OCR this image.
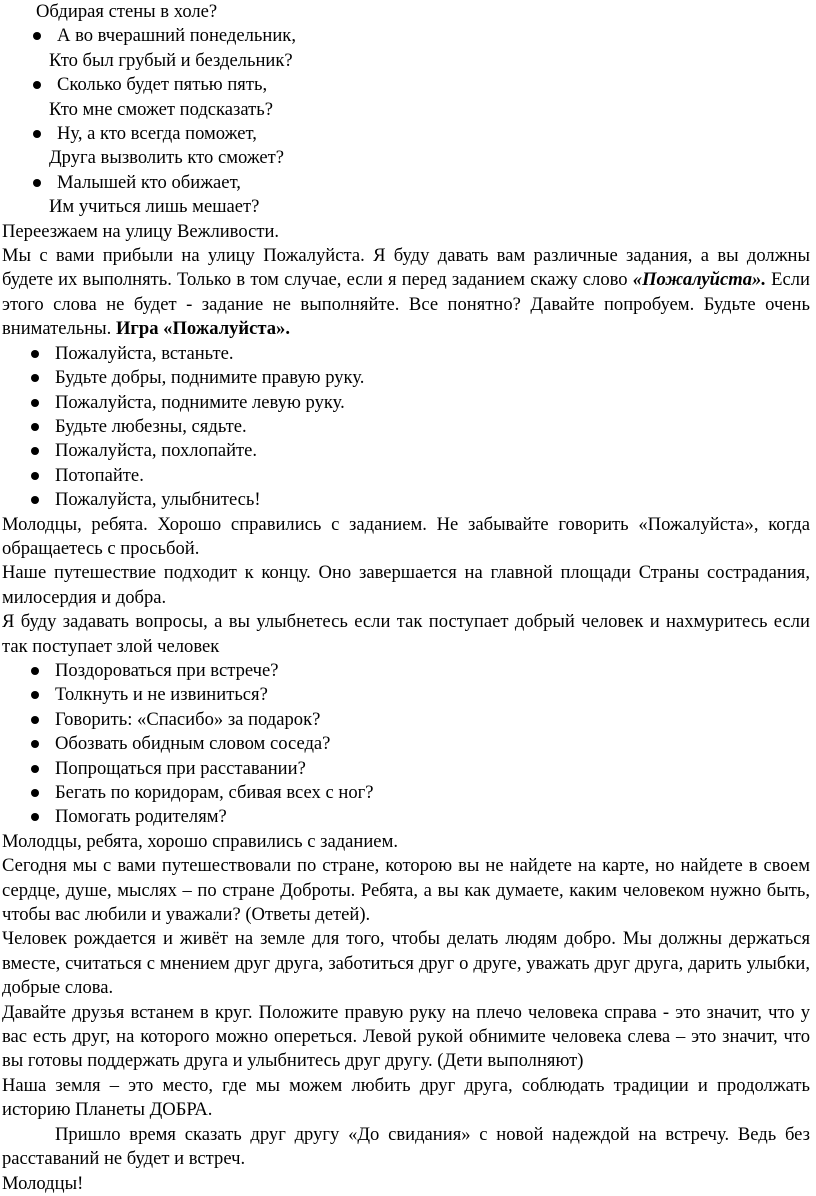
Обдирая стены в холе?

А во вчерашний понедельник,

Кто был грубый и бездельник?

Сколько будет пятью пять,

Кто мне сможет подсказать?

Ну, а кто всегда поможет,

Друга вызволить кто сможет?

Малышей кто обижает,

Им учиться лишь мешает?

Переезжаем на улицу Вежливости.

Мы с вами прибыли на улицу Пожалуйста. Я буду давать вам различные задания, а вы должны будете их выполнять. Только в том случае, если я перед заданием скажу слово «Пожалуйста». Если этого слова не будет - задание не выполняйте. Все понятно? Давайте попробуем. Будьте очень внимательны. Игра «Пожалуйста».

Пожалуйста, встаньте.
Будьте добры, поднимите правую руку.
Пожалуйста, поднимите левую руку.
Будьте любезны, сядьте.
Пожалуйста, похлопайте.
Потопайте.
Пожалуйста, улыбнитесь!

Молодцы, ребята. Хорошо справились с заданием. Не забывайте говорить «Пожалуйста», когда обращаетесь с просьбой.

Наше путешествие подходит к концу. Оно завершается на главной площади Страны сострадания, милосердия и добра.

Я буду задавать вопросы, а вы улыбнетесь если так поступает добрый человек и нахмуритесь если так поступает злой человек

Поздороваться при встрече?
Толкнуть и не извиниться?
Говорить: «Спасибо» за подарок?
Обозвать обидным словом соседа?
Попрощаться при расставании?
Бегать по коридорам, сбивая всех с ног?
Помогать родителям?

Молодцы, ребята, хорошо справились с заданием.

Сегодня мы с вами путешествовали по стране, которою вы не найдете на карте, но найдете в своем сердце, душе, мыслях – по стране Доброты. Ребята, а вы как думаете, каким человеком нужно быть, чтобы вас любили и уважали? (Ответы детей).

Человек рождается и живёт на земле для того, чтобы делать людям добро. Мы должны держаться вместе, считаться с мнением друг друга, заботиться друг о друге, уважать друг друга, дарить улыбки, добрые слова.

Давайте друзья встанем в круг. Положите правую руку на плечо человека справа - это значит, что у вас есть друг, на которого можно опереться. Левой рукой обнимите человека слева – это значит, что вы готовы поддержать друга и улыбнитесь друг другу. (Дети выполняют)

Наша земля – это место, где мы можем любить друг друга, соблюдать традиции и продолжать историю Планеты ДОБРА.

Пришло время сказать друг другу «До свидания» с новой надеждой на встречу. Ведь без расставаний не будет и встреч.

Молодцы!
